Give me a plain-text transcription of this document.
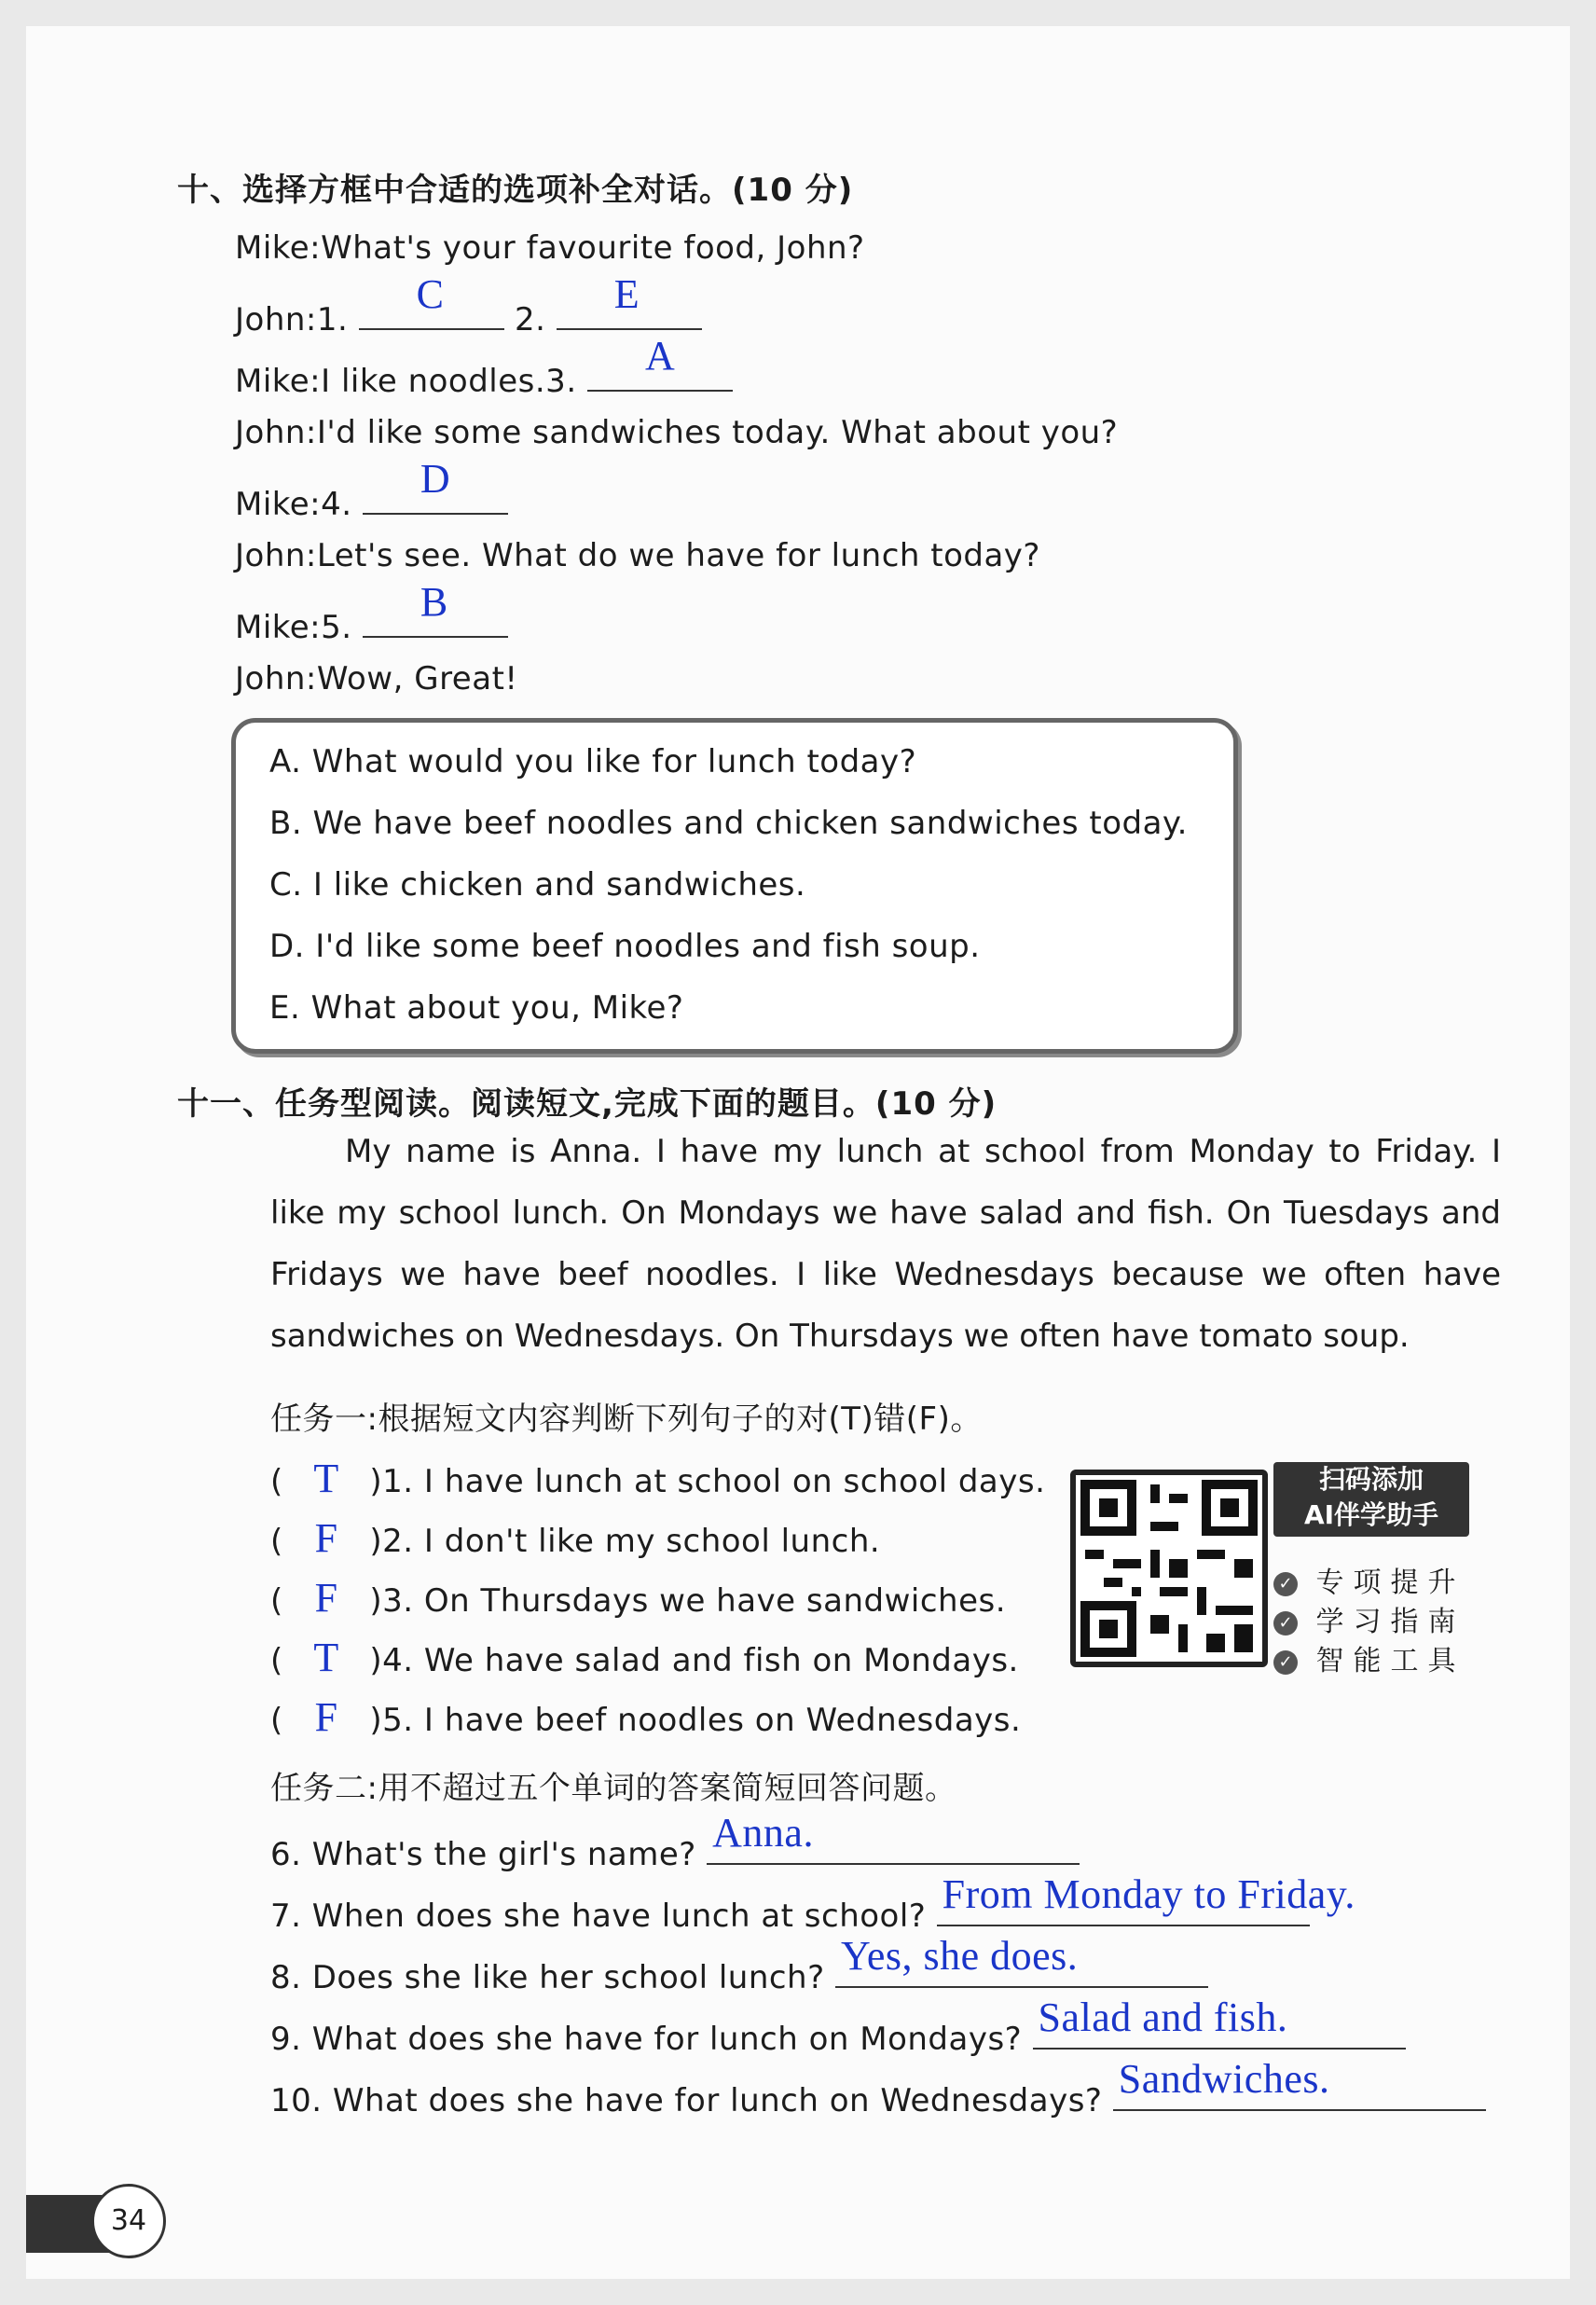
十、选择方框中合适的选项补全对话。(10 分)
Mike:What's your favourite food, John?
John:1.
C
2.
E
Mike:I like noodles.3.
A
John:I'd like some sandwiches today. What about you?
Mike:4.
D
John:Let's see. What do we have for lunch today?
Mike:5.
B
John:Wow, Great!
A. What would you like for lunch today?
B. We have beef noodles and chicken sandwiches today.
C. I like chicken and sandwiches.
D. I'd like some beef noodles and fish soup.
E. What about you, Mike?
十一、任务型阅读。阅读短文,完成下面的题目。(10 分)
My name is Anna. I have my lunch at school from Monday to Friday. I like my school lunch. On Mondays we have salad and fish. On Tuesdays and Fridays we have beef noodles. I like Wednesdays because we often have sandwiches on Wednesdays. On Thursdays we often have tomato soup.
任务一:根据短文内容判断下列句子的对(T)错(F)。
( T )1. I have lunch at school on school days.
( F )2. I don't like my school lunch.
( F )3. On Thursdays we have sandwiches.
( T )4. We have salad and fish on Mondays.
( F )5. I have beef noodles on Wednesdays.
扫码添加
AI伴学助手
✓ 专项提升
✓ 学习指南
✓ 智能工具
任务二:用不超过五个单词的答案简短回答问题。
6. What's the girl's name? Anna.
7. When does she have lunch at school? From Monday to Friday.
8. Does she like her school lunch? Yes, she does.
9. What does she have for lunch on Mondays? Salad and fish.
10. What does she have for lunch on Wednesdays? Sandwiches.
34
